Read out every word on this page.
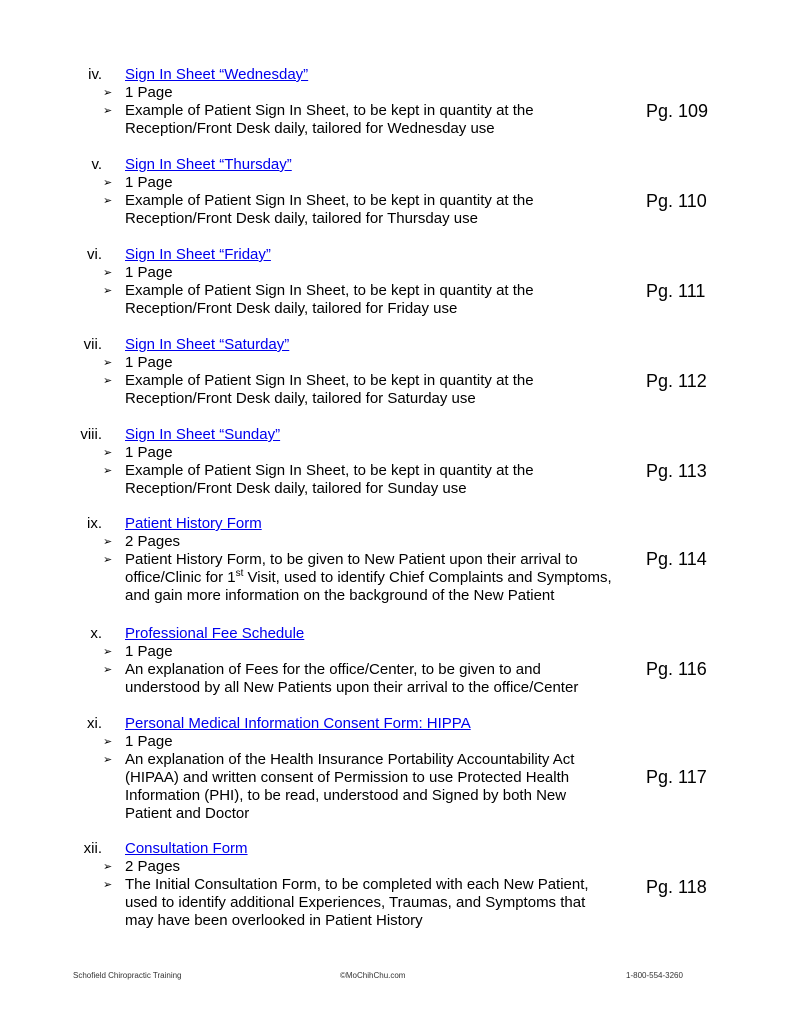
iv. Sign In Sheet “Wednesday”
➢ 1 Page
➢ Example of Patient Sign In Sheet, to be kept in quantity at the
Reception/Front Desk daily, tailored for Wednesday use
Pg. 109
v. Sign In Sheet “Thursday”
➢ 1 Page
➢ Example of Patient Sign In Sheet, to be kept in quantity at the
Reception/Front Desk daily, tailored for Thursday use
Pg. 110
vi. Sign In Sheet “Friday”
➢ 1 Page
➢ Example of Patient Sign In Sheet, to be kept in quantity at the
Reception/Front Desk daily, tailored for Friday use
Pg. 111
vii. Sign In Sheet “Saturday”
➢ 1 Page
➢ Example of Patient Sign In Sheet, to be kept in quantity at the
Reception/Front Desk daily, tailored for Saturday use
Pg. 112
viii. Sign In Sheet “Sunday”
➢ 1 Page
➢ Example of Patient Sign In Sheet, to be kept in quantity at the
Reception/Front Desk daily, tailored for Sunday use
Pg. 113
ix. Patient History Form
➢ 2 Pages
➢ Patient History Form, to be given to New Patient upon their arrival to
office/Clinic for 1st Visit, used to identify Chief Complaints and Symptoms,
and gain more information on the background of the New Patient
Pg. 114
x. Professional Fee Schedule
➢ 1 Page
➢ An explanation of Fees for the office/Center, to be given to and
understood by all New Patients upon their arrival to the office/Center
Pg. 116
xi. Personal Medical Information Consent Form: HIPPA
➢ 1 Page
➢ An explanation of the Health Insurance Portability Accountability Act
(HIPAA) and written consent of Permission to use Protected Health
Information (PHI), to be read, understood and Signed by both New
Patient and Doctor
Pg. 117
xii. Consultation Form
➢ 2 Pages
➢ The Initial Consultation Form, to be completed with each New Patient,
used to identify additional Experiences, Traumas, and Symptoms that
may have been overlooked in Patient History
Pg. 118
Schofield Chiropractic Training	©MoChihChu.com	1-800-554-3260
